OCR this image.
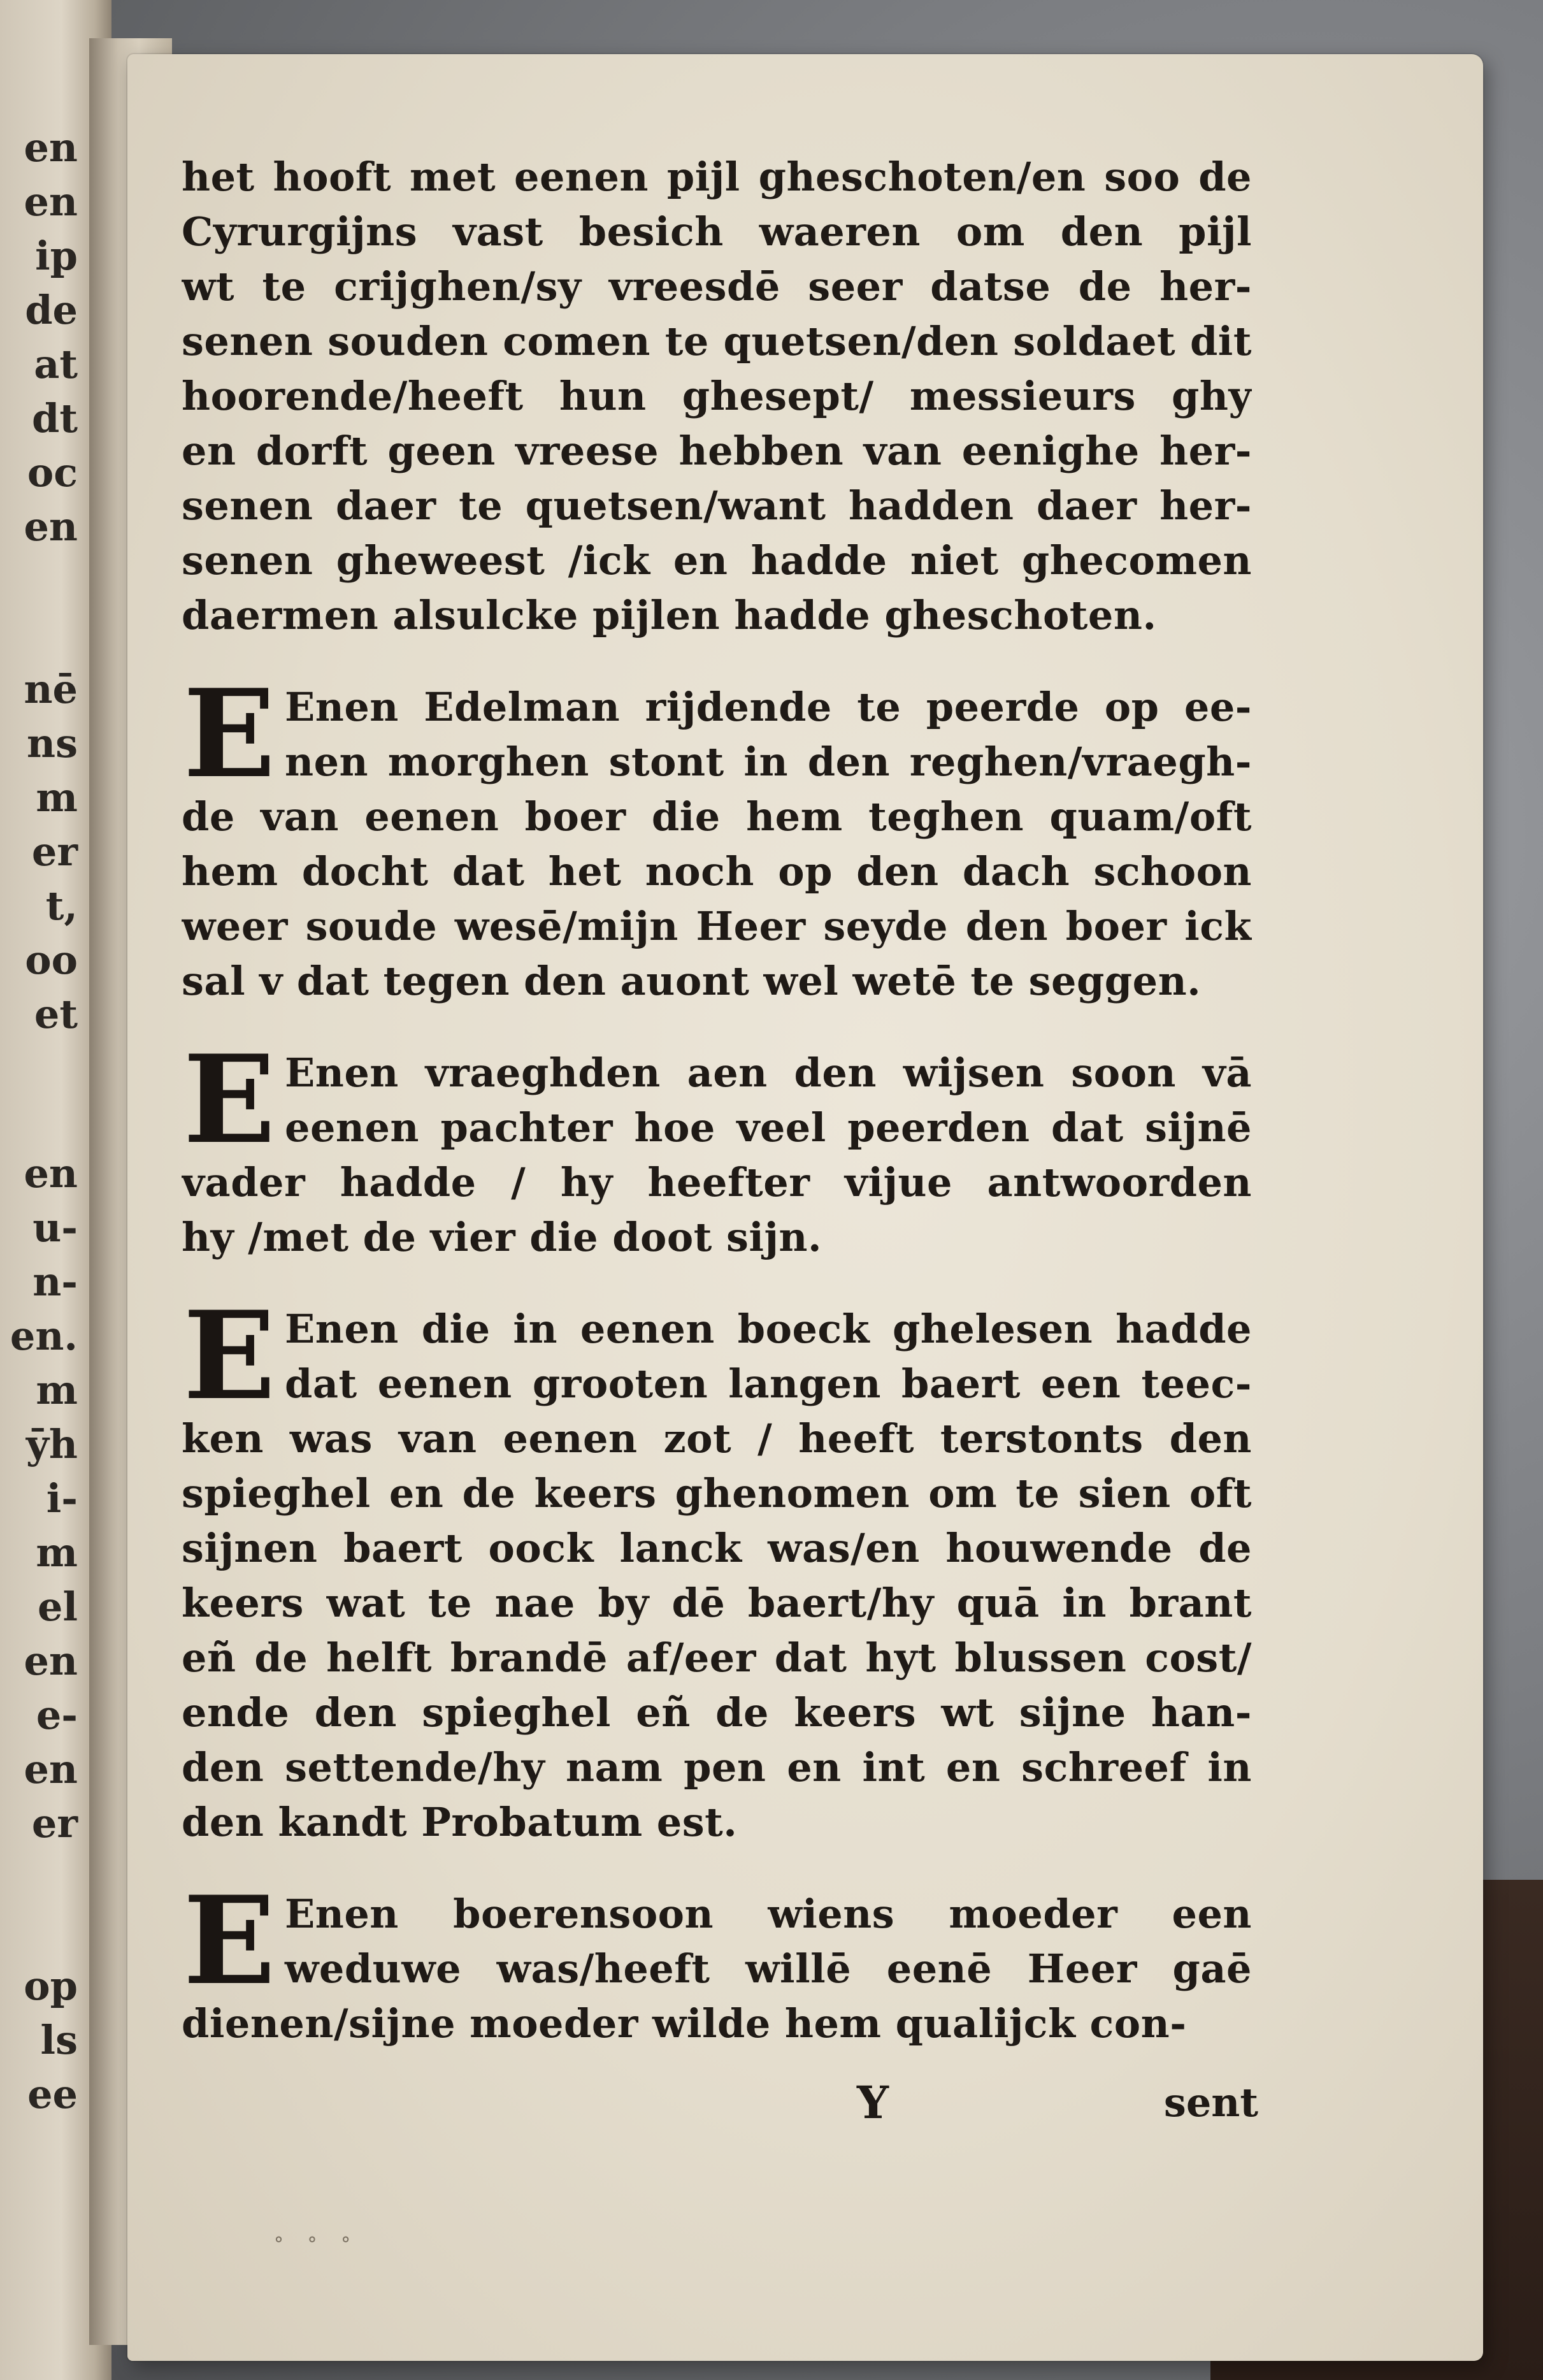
en
en
ip
de
at
dt
oc
en
nē
ns
m
er
t,
oo
et
en
u-
n-
en.
m
ȳh
i-
m
el
en
e-
en
er
op
ls
ee
het hooft met eenen pijl gheschoten/en soo de
Cyrurgijns vast besich waeren om den pijl
wt te crijghen/sy vreesdē seer datse de her-
senen souden comen te quetsen/den soldaet dit
hoorende/heeft hun ghesept/ messieurs ghy
en dorft geen vreese hebben van eenighe her-
senen daer te quetsen/want hadden daer her-
senen gheweest /ick en hadde niet ghecomen
daermen alsulcke pijlen hadde gheschoten.
E Enen Edelman rijdende te peerde op ee-
nen morghen stont in den reghen/vraegh-
de van eenen boer die hem teghen quam/oft
hem docht dat het noch op den dach schoon
weer soude wesē/mijn Heer seyde den boer ick
sal v dat tegen den auont wel wetē te seggen.
E Enen vraeghden aen den wijsen soon vā
eenen pachter hoe veel peerden dat sijnē
vader hadde / hy heefter vijue antwoorden
hy /met de vier die doot sijn.
E Enen die in eenen boeck ghelesen hadde
dat eenen grooten langen baert een teec-
ken was van eenen zot / heeft terstonts den
spieghel en de keers ghenomen om te sien oft
sijnen baert oock lanck was/en houwende de
keers wat te nae by dē baert/hy quā in brant
eñ de helft brandē af/eer dat hyt blussen cost/
ende den spieghel eñ de keers wt sijne han-
den settende/hy nam pen en int en schreef in
den kandt Probatum est.
E Enen boerensoon wiens moeder een
weduwe was/heeft willē eenē Heer gaē
dienen/sijne moeder wilde hem qualijck con-
Y	sent
° ° °
